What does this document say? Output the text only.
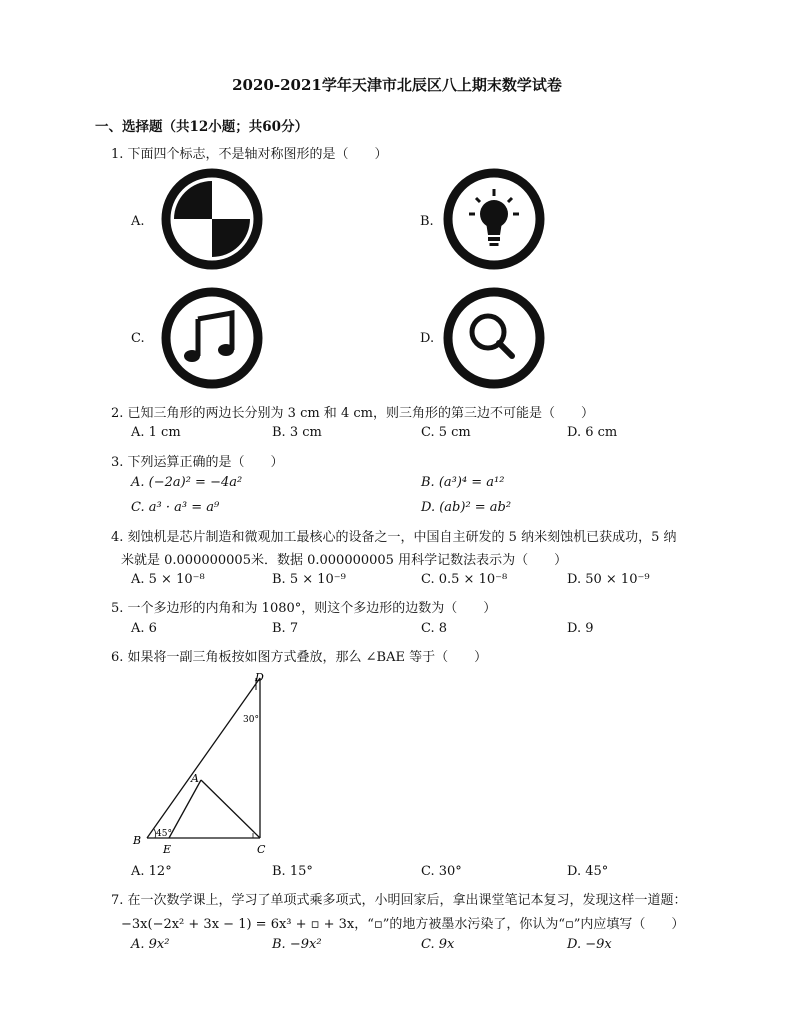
2020-2021学年天津市北辰区八上期末数学试卷
一、选择题（共12小题；共60分）
1. 下面四个标志，不是轴对称图形的是（　　）
A.	B.
C.	D.
2. 已知三角形的两边长分别为 3 cm 和 4 cm，则三角形的第三边不可能是（　　）
A. 1 cm	B. 3 cm	C. 5 cm	D. 6 cm
3. 下列运算正确的是（　　）
A. (−2a)² = −4a²	B. (a³)⁴ = a¹²
C. a³ · a³ = a⁹	D. (ab)² = ab²
4. 刻蚀机是芯片制造和微观加工最核心的设备之一，中国自主研发的 5 纳米刻蚀机已获成功，5 纳
米就是 0.000000005米．数据 0.000000005 用科学记数法表示为（　　）
A. 5 × 10⁻⁸	B. 5 × 10⁻⁹	C. 0.5 × 10⁻⁸	D. 50 × 10⁻⁹
5. 一个多边形的内角和为 1080°，则这个多边形的边数为（　　）
A. 6	B. 7	C. 8	D. 9
6. 如果将一副三角板按如图方式叠放，那么 ∠BAE 等于（　　）
D
30°
A
B 45°
E	C
A. 12°	B. 15°	C. 30°	D. 45°
7. 在一次数学课上，学习了单项式乘多项式，小明回家后，拿出课堂笔记本复习，发现这样一道题：
−3x(−2x² + 3x − 1) = 6x³ + ▫ + 3x，“▫”的地方被墨水污染了，你认为“▫”内应填写（　　）
A. 9x²	B. −9x²	C. 9x	D. −9x
